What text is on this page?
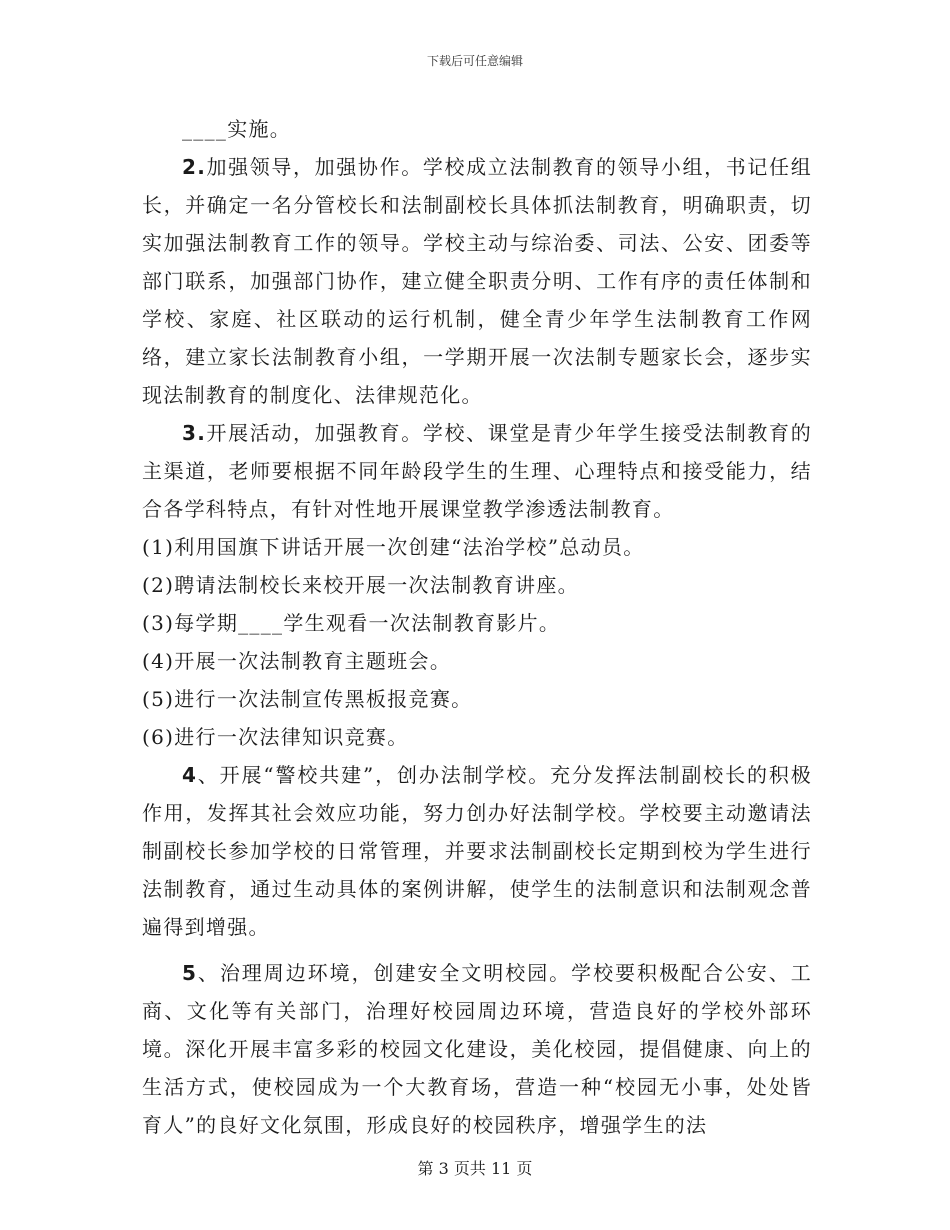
下载后可任意编辑

____实施。

2.加强领导，加强协作。学校成立法制教育的领导小组，书记任组长，并确定一名分管校长和法制副校长具体抓法制教育，明确职责，切实加强法制教育工作的领导。学校主动与综治委、司法、公安、团委等部门联系，加强部门协作，建立健全职责分明、工作有序的责任体制和学校、家庭、社区联动的运行机制，健全青少年学生法制教育工作网络，建立家长法制教育小组，一学期开展一次法制专题家长会，逐步实现法制教育的制度化、法律规范化。

3.开展活动，加强教育。学校、课堂是青少年学生接受法制教育的主渠道，老师要根据不同年龄段学生的生理、心理特点和接受能力，结合各学科特点，有针对性地开展课堂教学渗透法制教育。

(1)利用国旗下讲话开展一次创建“法治学校”总动员。

(2)聘请法制校长来校开展一次法制教育讲座。

(3)每学期____学生观看一次法制教育影片。

(4)开展一次法制教育主题班会。

(5)进行一次法制宣传黑板报竞赛。

(6)进行一次法律知识竞赛。

4、开展“警校共建”，创办法制学校。充分发挥法制副校长的积极作用，发挥其社会效应功能，努力创办好法制学校。学校要主动邀请法制副校长参加学校的日常管理，并要求法制副校长定期到校为学生进行法制教育，通过生动具体的案例讲解，使学生的法制意识和法制观念普遍得到增强。

5、治理周边环境，创建安全文明校园。学校要积极配合公安、工商、文化等有关部门，治理好校园周边环境，营造良好的学校外部环境。深化开展丰富多彩的校园文化建设，美化校园，提倡健康、向上的生活方式，使校园成为一个大教育场，营造一种“校园无小事，处处皆育人”的良好文化氛围，形成良好的校园秩序，增强学生的法

第 3 页共 11 页
